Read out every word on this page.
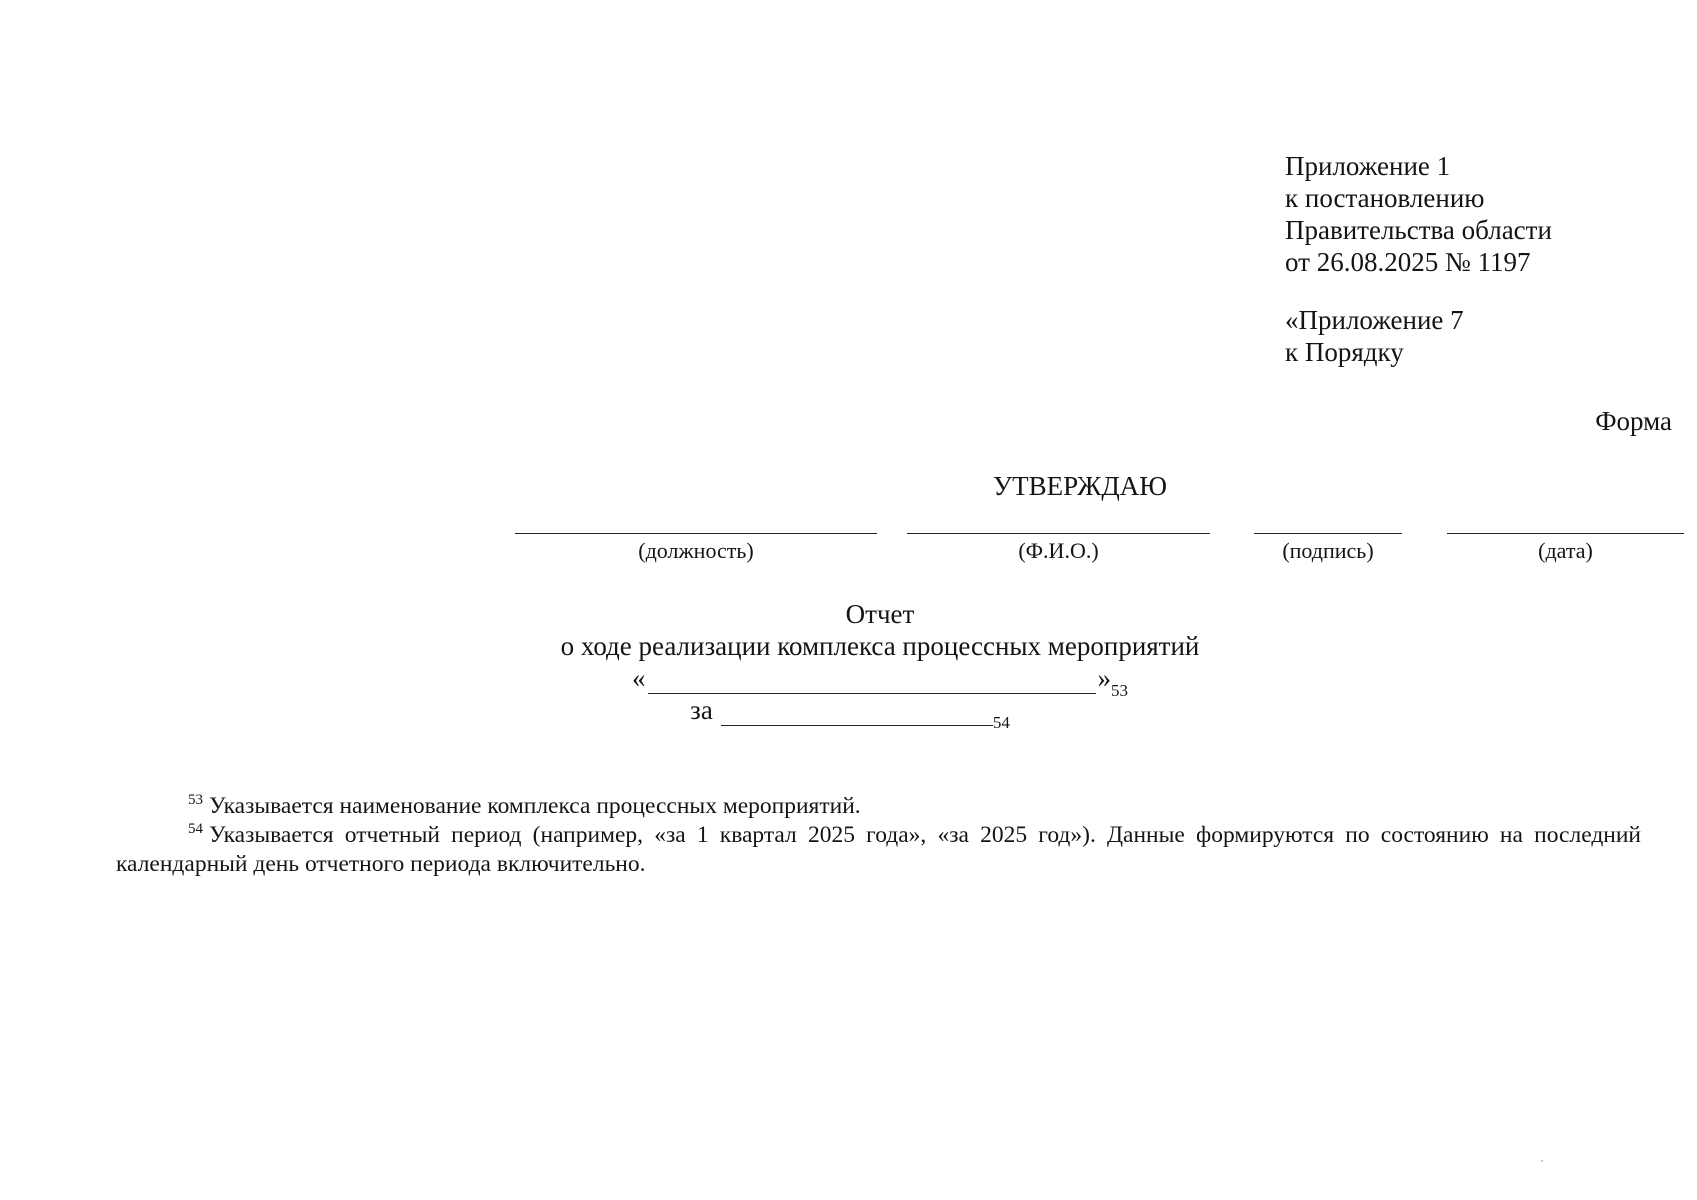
Приложение 1
к постановлению
Правительства области
от 26.08.2025 № 1197
«Приложение 7
к Порядку
Форма
УТВЕРЖДАЮ
(должность)	(Ф.И.О.)	(подпись)	(дата)
Отчет
о ходе реализации комплекса процессных мероприятий
«	»$^{53}$
за	$^{54}$

$^{53}$ Указывается наименование комплекса процессных мероприятий.

$^{54}$ Указывается отчетный период (например, «за 1 квартал 2025 года», «за 2025 год»). Данные формируются по состоянию на последний календарный день отчетного периода включительно.
